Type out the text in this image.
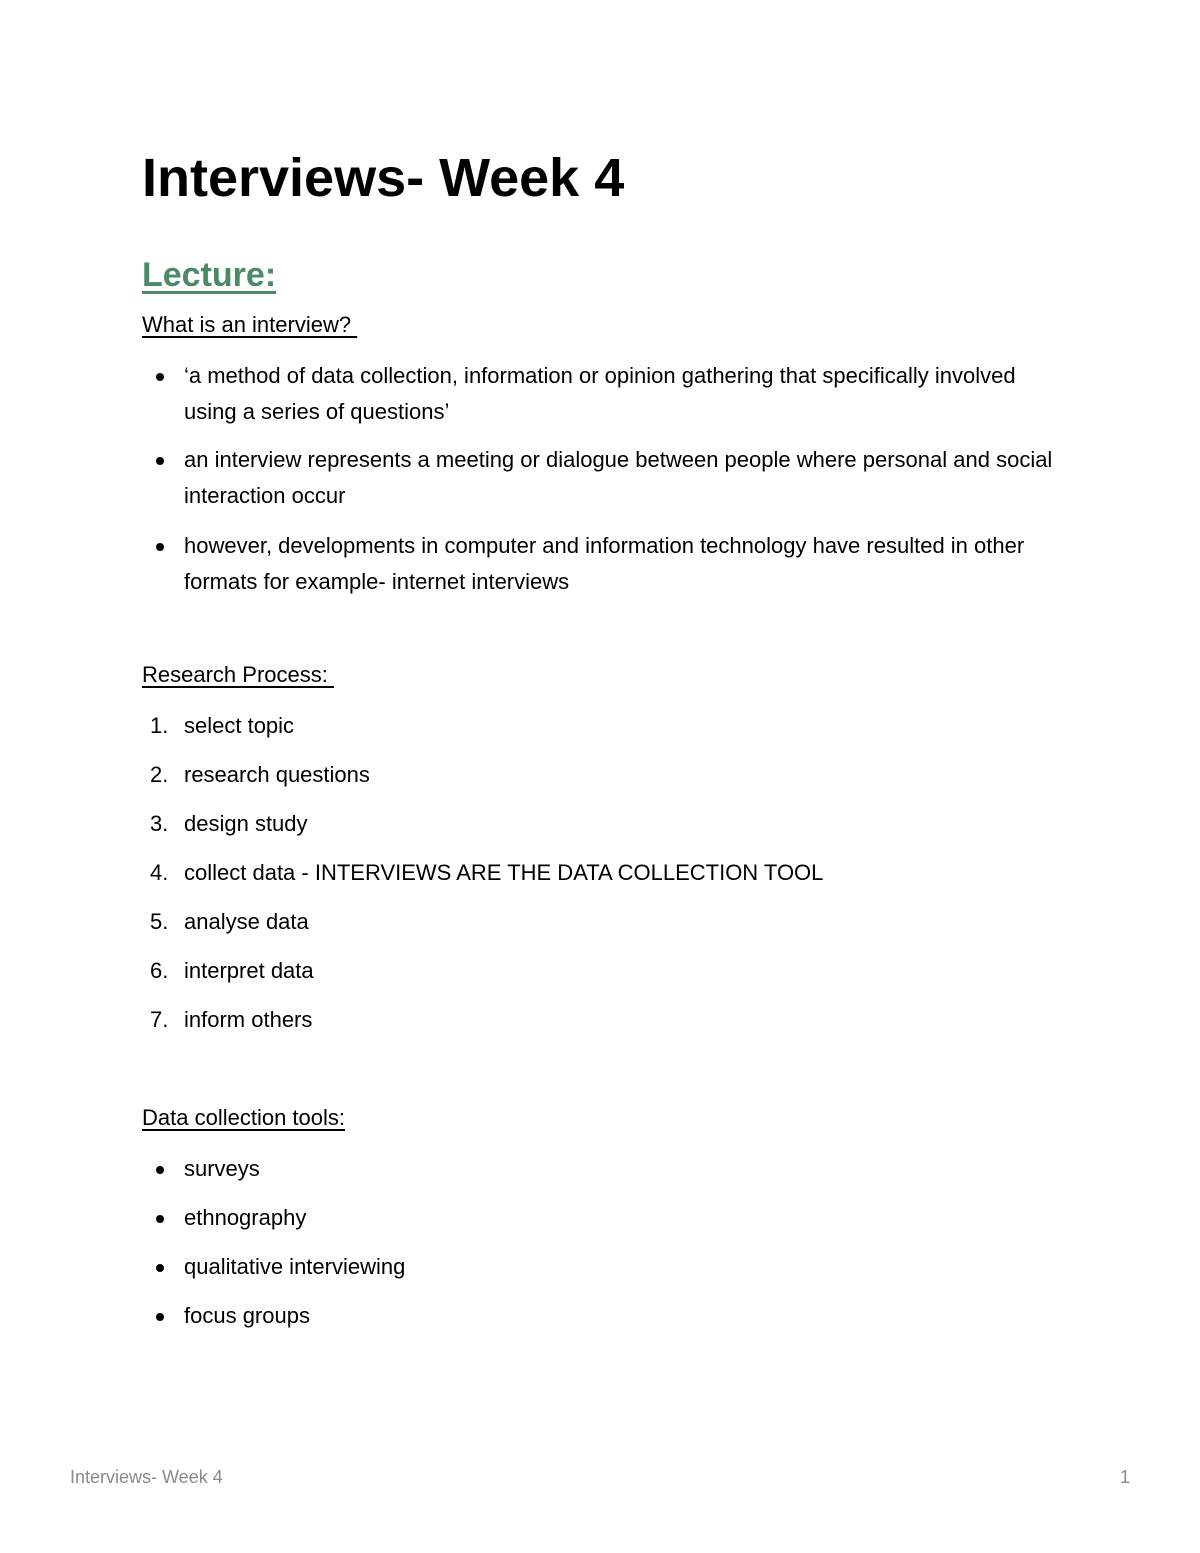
Interviews- Week 4
Lecture:

What is an interview?

‘a method of data collection, information or opinion gathering that specifically involved using a series of questions’
an interview represents a meeting or dialogue between people where personal and social interaction occur
however, developments in computer and information technology have resulted in other formats for example- internet interviews

Research Process:

1. select topic
2. research questions
3. design study
4. collect data - INTERVIEWS ARE THE DATA COLLECTION TOOL
5. analyse data
6. interpret data
7. inform others

Data collection tools:

surveys
ethnography
qualitative interviewing
focus groups
Interviews- Week 4	1
